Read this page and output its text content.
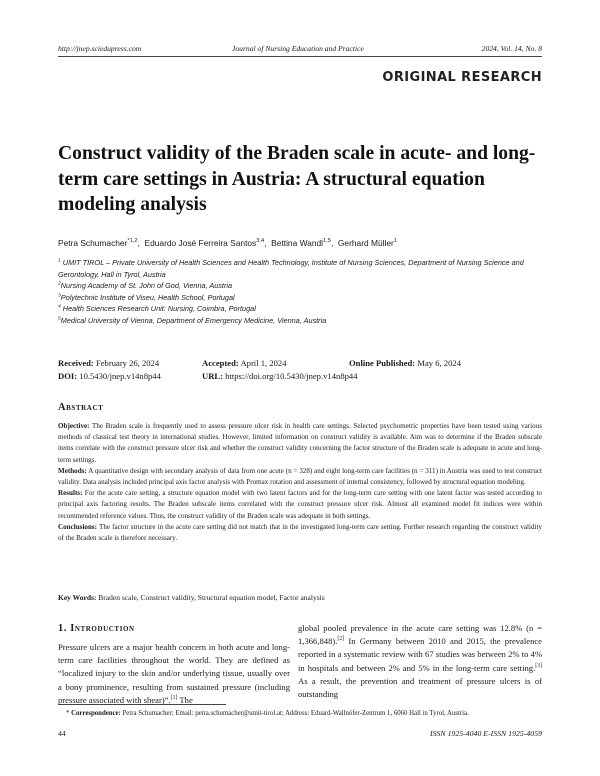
http://jnep.sciedupress.com	Journal of Nursing Education and Practice	2024, Vol. 14, No. 8
ORIGINAL RESEARCH
Construct validity of the Braden scale in acute- and long-term care settings in Austria: A structural equation modeling analysis
Petra Schumacher$^{*1,2}$,  Eduardo José Ferreira Santos$^{3,4}$,  Bettina Wandl$^{1,5}$,  Gerhard Müller$^1$

$^1$ UMIT TIROL – Private University of Health Sciences and Health Technology, Institute of Nursing Sciences, Department of Nursing Science and Gerontology, Hall in Tyrol, Austria

$^2$Nursing Academy of St. John of God, Vienna, Austria

$^3$Polytechnic Institute of Viseu, Health School, Portugal

$^4$ Health Sciences Research Unit: Nursing, Coimbra, Portugal

$^5$Medical University of Vienna, Department of Emergency Medicine, Vienna, Austria

Received: February 26, 2024	Accepted: April 1, 2024	Online Published: May 6, 2024
DOI: 10.5430/jnep.v14n8p44	URL: https://doi.org/10.5430/jnep.v14n8p44
Abstract

Objective: The Braden scale is frequently used to assess pressure ulcer risk in health care settings. Selected psychometric properties have been tested using various methods of classical test theory in international studies. However, limited information on construct validity is available. Aim was to determine if the Braden subscale items correlate with the construct pressure ulcer risk and whether the construct validity concerning the factor structure of the Braden scale is adequate in acute and long-term settings.

Methods: A quantitative design with secondary analysis of data from one acute (n = 328) and eight long-term care facilities (n = 311) in Austria was used to test construct validity. Data analysis included principal axis factor analysis with Promax rotation and assessment of internal consistency, followed by structural equation modeling.

Results: For the acute care setting, a structure equation model with two latent factors and for the long-term care setting with one latent factor was tested according to principal axis factoring results. The Braden subscale items correlated with the construct pressure ulcer risk. Almost all examined model fit indices were within recommended reference values. Thus, the construct validity of the Braden scale was adequate in both settings.

Conclusions: The factor structure in the acute care setting did not match that in the investigated long-term care setting. Further research regarding the construct validity of the Braden scale is therefore necessary.

Key Words: Braden scale, Construct validity, Structural equation model, Factor analysis
1. Introduction

Pressure ulcers are a major health concern in both acute and long-term care facilities throughout the world. They are defined as “localized injury to the skin and/or underlying tissue, usually over a bony prominence, resulting from sustained pressure (including pressure associated with shear)”.[1] The

global pooled prevalence in the acute care setting was 12.8% (n = 1,366,848).[2] In Germany between 2010 and 2015, the prevalence reported in a systematic review with 67 studies was between 2% to 4% in hospitals and between 2% and 5% in the long-term care setting.[3] As a result, the prevention and treatment of pressure ulcers is of outstanding

* Correspondence: Petra Schumacher; Email: petra.schumacher@umit-tirol.at; Address: Eduard-Wallnöfer-Zentrum 1, 6060 Hall in Tyrol, Austria.
44	ISSN 1925-4040 E-ISSN 1925-4059
